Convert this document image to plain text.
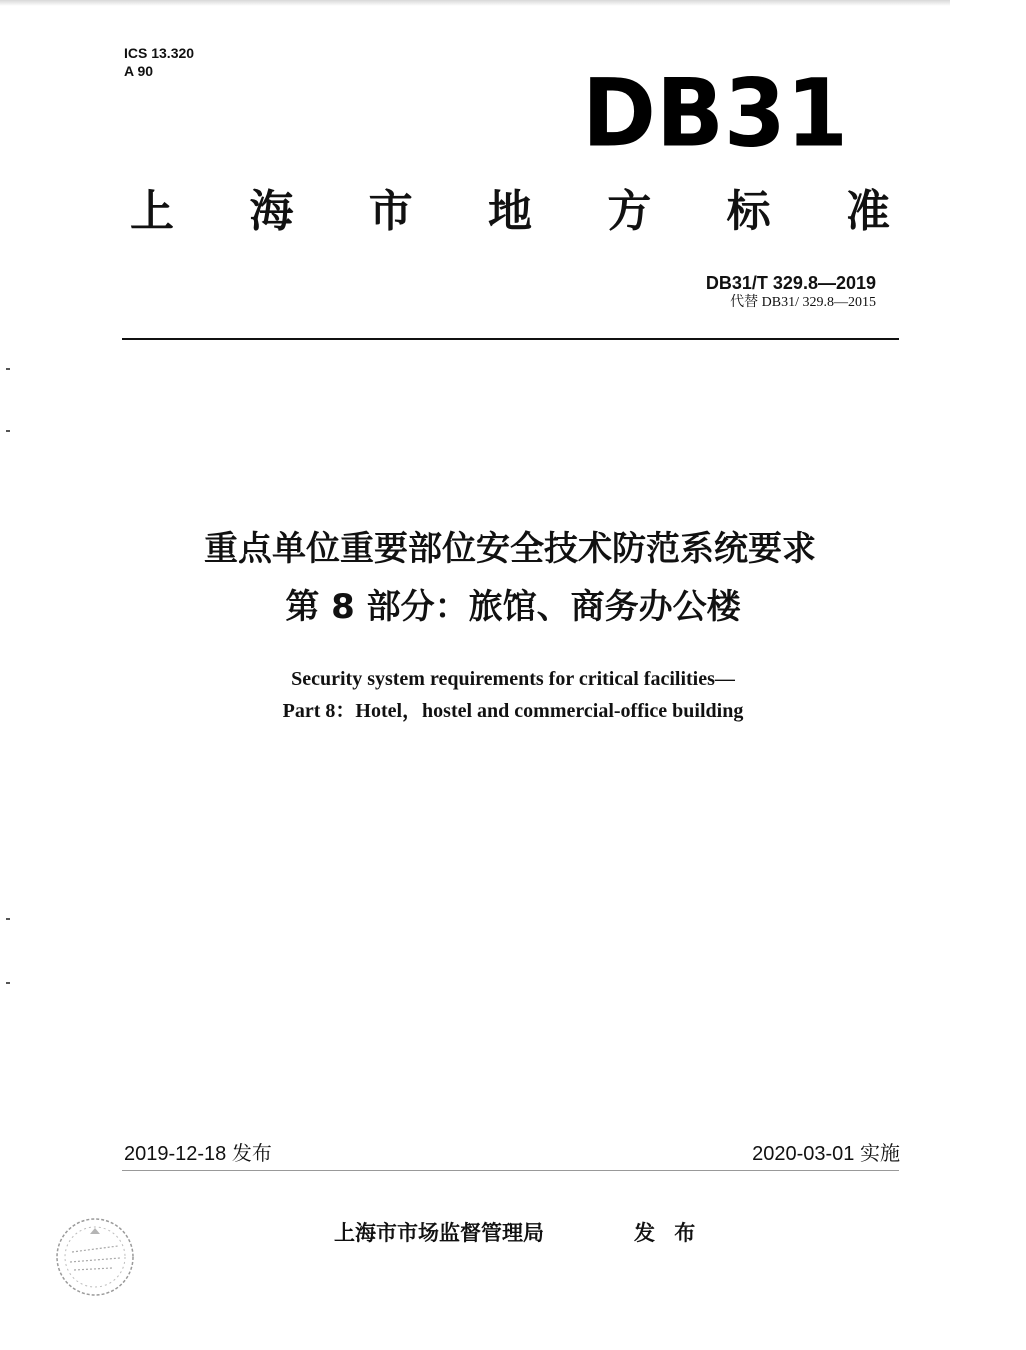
ICS 13.320
A 90	DB31
上 海 市 地 方 标 准
DB31/T 329.8—2019
代替 DB31/ 329.8—2015
重点单位重要部位安全技术防范系统要求
第 8 部分：旅馆、商务办公楼
Security system requirements for critical facilities—
Part 8：Hotel，hostel and commercial-office building
2019-12-18 发布	2020-03-01 实施
上海市市场监督管理局	发 布
